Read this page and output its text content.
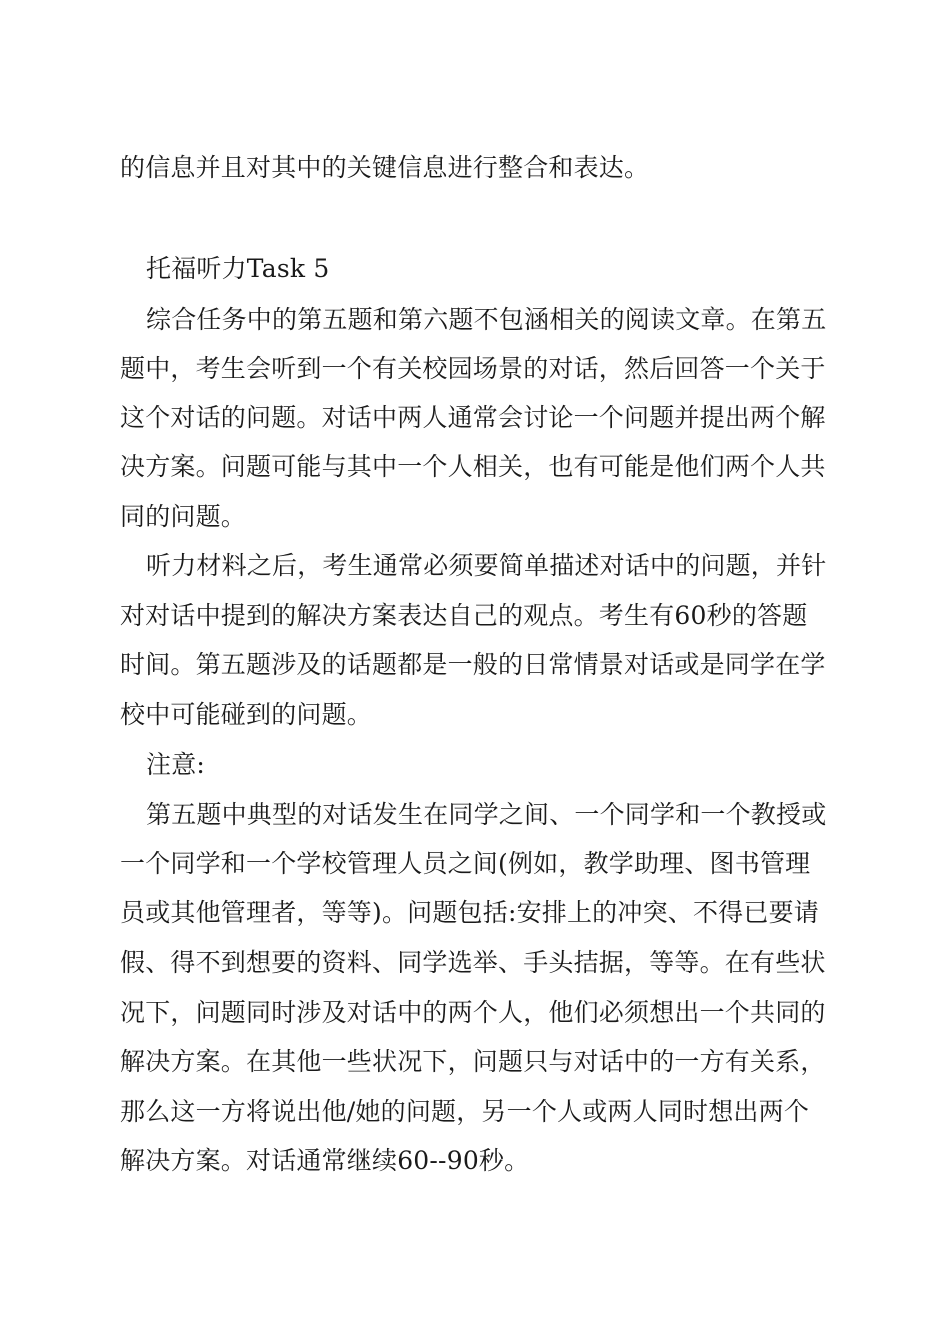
的信息并且对其中的关键信息进行整合和表达。
托福听力Task 5
综合任务中的第五题和第六题不包涵相关的阅读文章。在第五
题中，考生会听到一个有关校园场景的对话，然后回答一个关于
这个对话的问题。对话中两人通常会讨论一个问题并提出两个解
决方案。问题可能与其中一个人相关，也有可能是他们两个人共
同的问题。
听力材料之后，考生通常必须要简单描述对话中的问题，并针
对对话中提到的解决方案表达自己的观点。考生有60秒的答题
时间。第五题涉及的话题都是一般的日常情景对话或是同学在学
校中可能碰到的问题。
注意:
第五题中典型的对话发生在同学之间、一个同学和一个教授或
一个同学和一个学校管理人员之间(例如，教学助理、图书管理
员或其他管理者，等等)。问题包括:安排上的冲突、不得已要请
假、得不到想要的资料、同学选举、手头拮据，等等。在有些状
况下，问题同时涉及对话中的两个人，他们必须想出一个共同的
解决方案。在其他一些状况下，问题只与对话中的一方有关系，
那么这一方将说出他/她的问题，另一个人或两人同时想出两个
解决方案。对话通常继续60--90秒。
